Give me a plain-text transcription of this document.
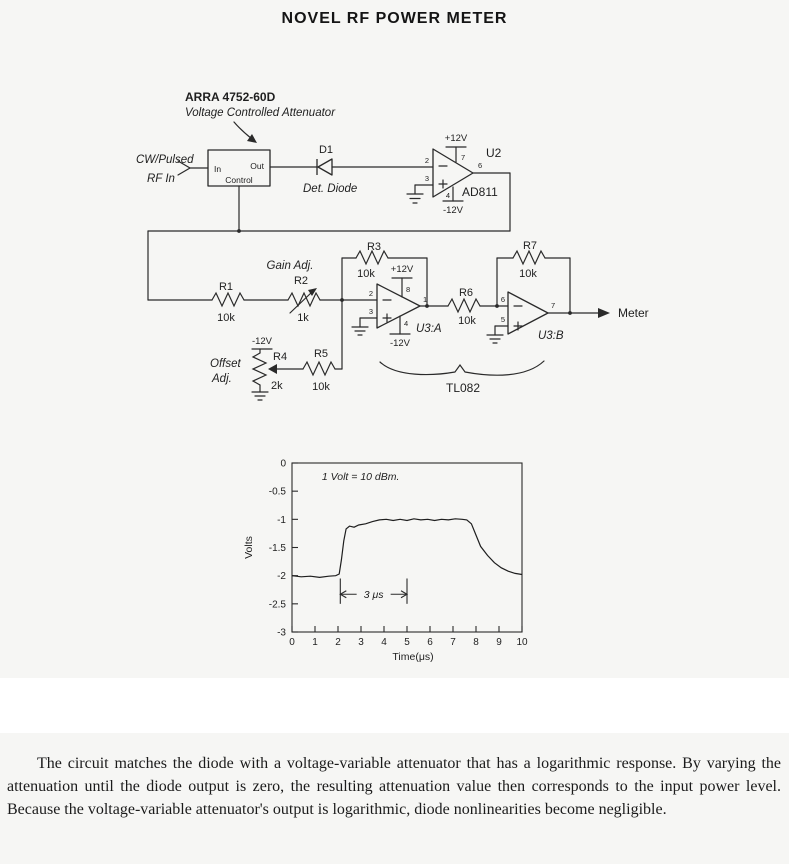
NOVEL RF POWER METER
ARRA 4752-60D
Voltage Controlled Attenuator
CW/Pulsed
RF In
In	Out
Control
D1
Det. Diode
2
3
+12V
7
-12V
4
6
U2
AD811
R1
10k
R2
1k
Gain Adj.
R3
10k
2
3
+12V
8
-12V
4
1
U3:A
-12V
Offset
Adj.
R4
2k
R5
10k
R6
10k
R7
10k
6
5
7
Meter
U3:B
TL082
0
-0.5
-1
-1.5
-2
-2.5
-3
0 1 2 3 4 5 6 7 8 9 10
Time(μs)
Volts
1 Volt = 10 dBm.
3 μs

The circuit matches the diode with a voltage-variable attenuator that has a logarithmic response. By varying the attenuation until the diode output is zero, the resulting attenuation value then corresponds to the input power level. Because the voltage-variable attenuator's output is logarithmic, diode nonlinearities become negligible.
